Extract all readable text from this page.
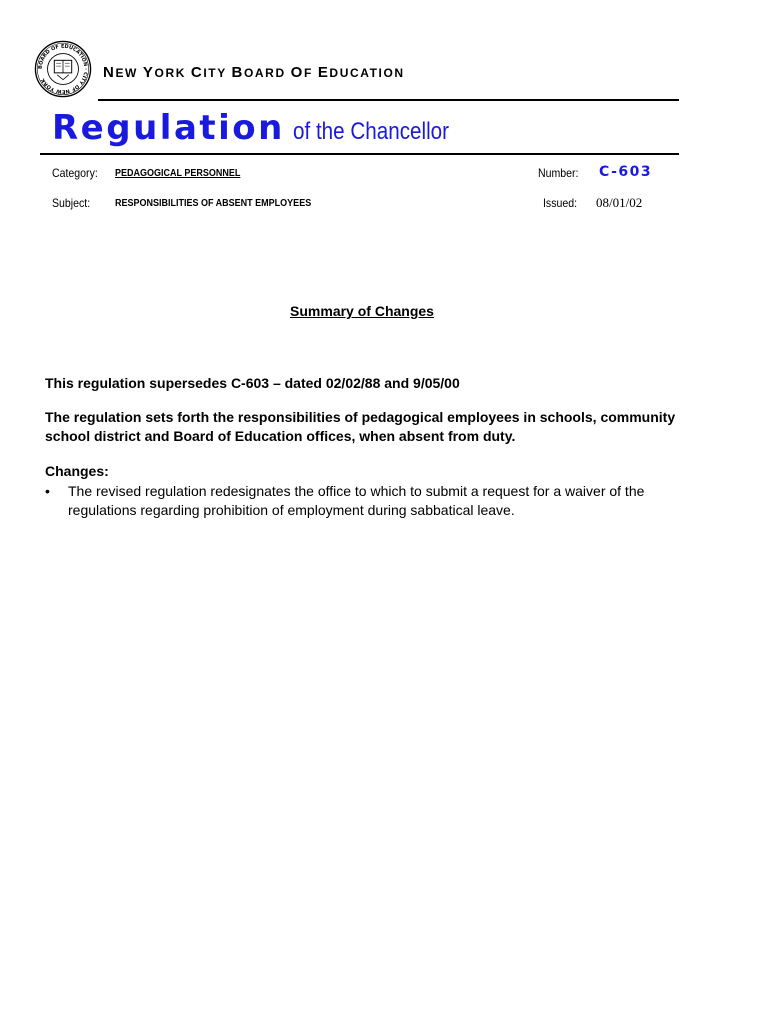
BOARD OF EDUCATION · CITY OF NEW YORK	NEW YORK CITY BOARD OF EDUCATION
Regulation of the Chancellor
Category: PEDAGOGICAL PERSONNEL
Subject: RESPONSIBILITIES OF ABSENT EMPLOYEES
Number: C-603
Issued: 08/01/02
Summary of Changes
This regulation supersedes C-603 – dated 02/02/88 and 9/05/00
The regulation sets forth the responsibilities of pedagogical employees in schools, community school district and Board of Education offices, when absent from duty.
Changes:
• The revised regulation redesignates the office to which to submit a request for a waiver of the regulations regarding prohibition of employment during sabbatical leave.
